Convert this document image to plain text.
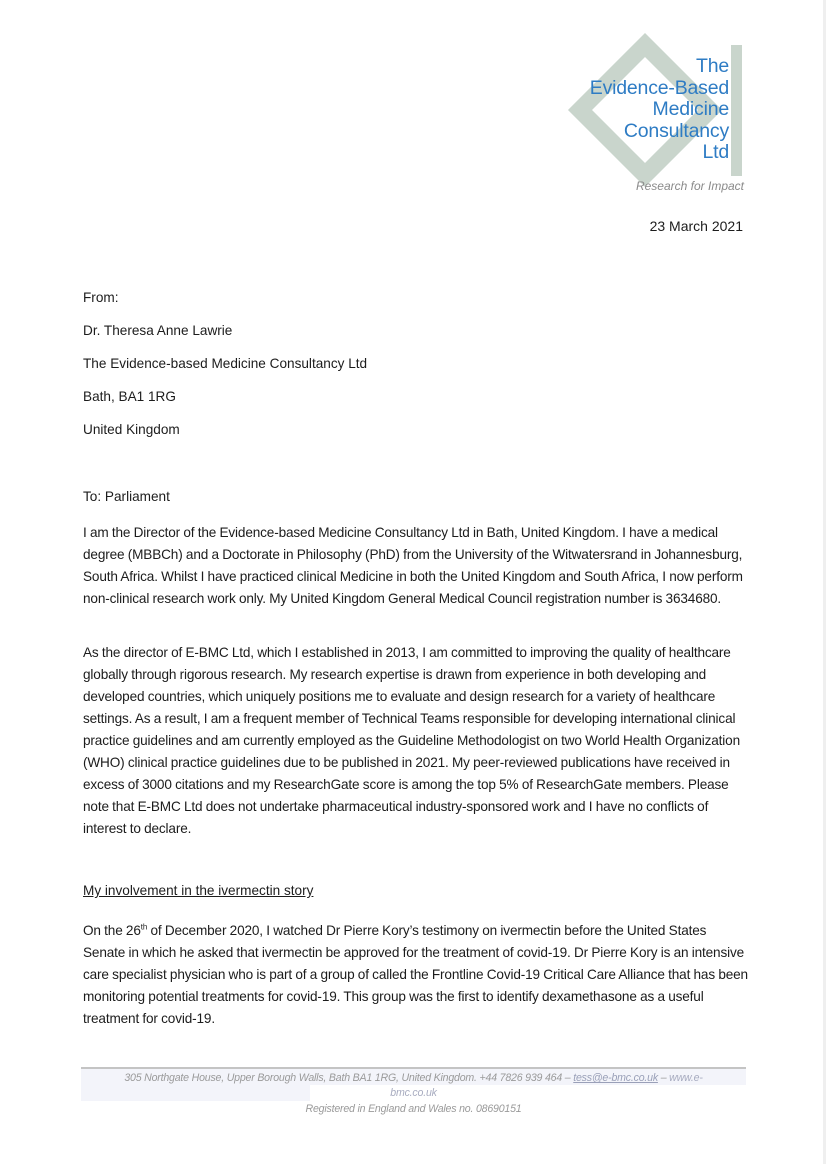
The
Evidence-Based
Medicine
Consultancy
Ltd
Research for Impact
23 March 2021
From:
Dr. Theresa Anne Lawrie
The Evidence-based Medicine Consultancy Ltd
Bath, BA1 1RG
United Kingdom
To: Parliament
I am the Director of the Evidence-based Medicine Consultancy Ltd in Bath, United Kingdom. I have a medical degree (MBBCh) and a Doctorate in Philosophy (PhD) from the University of the Witwatersrand in Johannesburg, South Africa. Whilst I have practiced clinical Medicine in both the United Kingdom and South Africa, I now perform non-clinical research work only. My United Kingdom General Medical Council registration number is 3634680.
As the director of E-BMC Ltd, which I established in 2013, I am committed to improving the quality of healthcare globally through rigorous research. My research expertise is drawn from experience in both developing and developed countries, which uniquely positions me to evaluate and design research for a variety of healthcare settings. As a result, I am a frequent member of Technical Teams responsible for developing international clinical practice guidelines and am currently employed as the Guideline Methodologist on two World Health Organization (WHO) clinical practice guidelines due to be published in 2021. My peer-reviewed publications have received in excess of 3000 citations and my ResearchGate score is among the top 5% of ResearchGate members. Please note that E-BMC Ltd does not undertake pharmaceutical industry-sponsored work and I have no conflicts of interest to declare.
My involvement in the ivermectin story
On the 26th of December 2020, I watched Dr Pierre Kory’s testimony on ivermectin before the United States Senate in which he asked that ivermectin be approved for the treatment of covid-19. Dr Pierre Kory is an intensive care specialist physician who is part of a group of called the Frontline Covid-19 Critical Care Alliance that has been monitoring potential treatments for covid-19. This group was the first to identify dexamethasone as a useful treatment for covid-19.
305 Northgate House, Upper Borough Walls, Bath BA1 1RG, United Kingdom. +44 7826 939 464 – tess@e-bmc.co.uk – www.e-
bmc.co.uk
Registered in England and Wales no. 08690151
